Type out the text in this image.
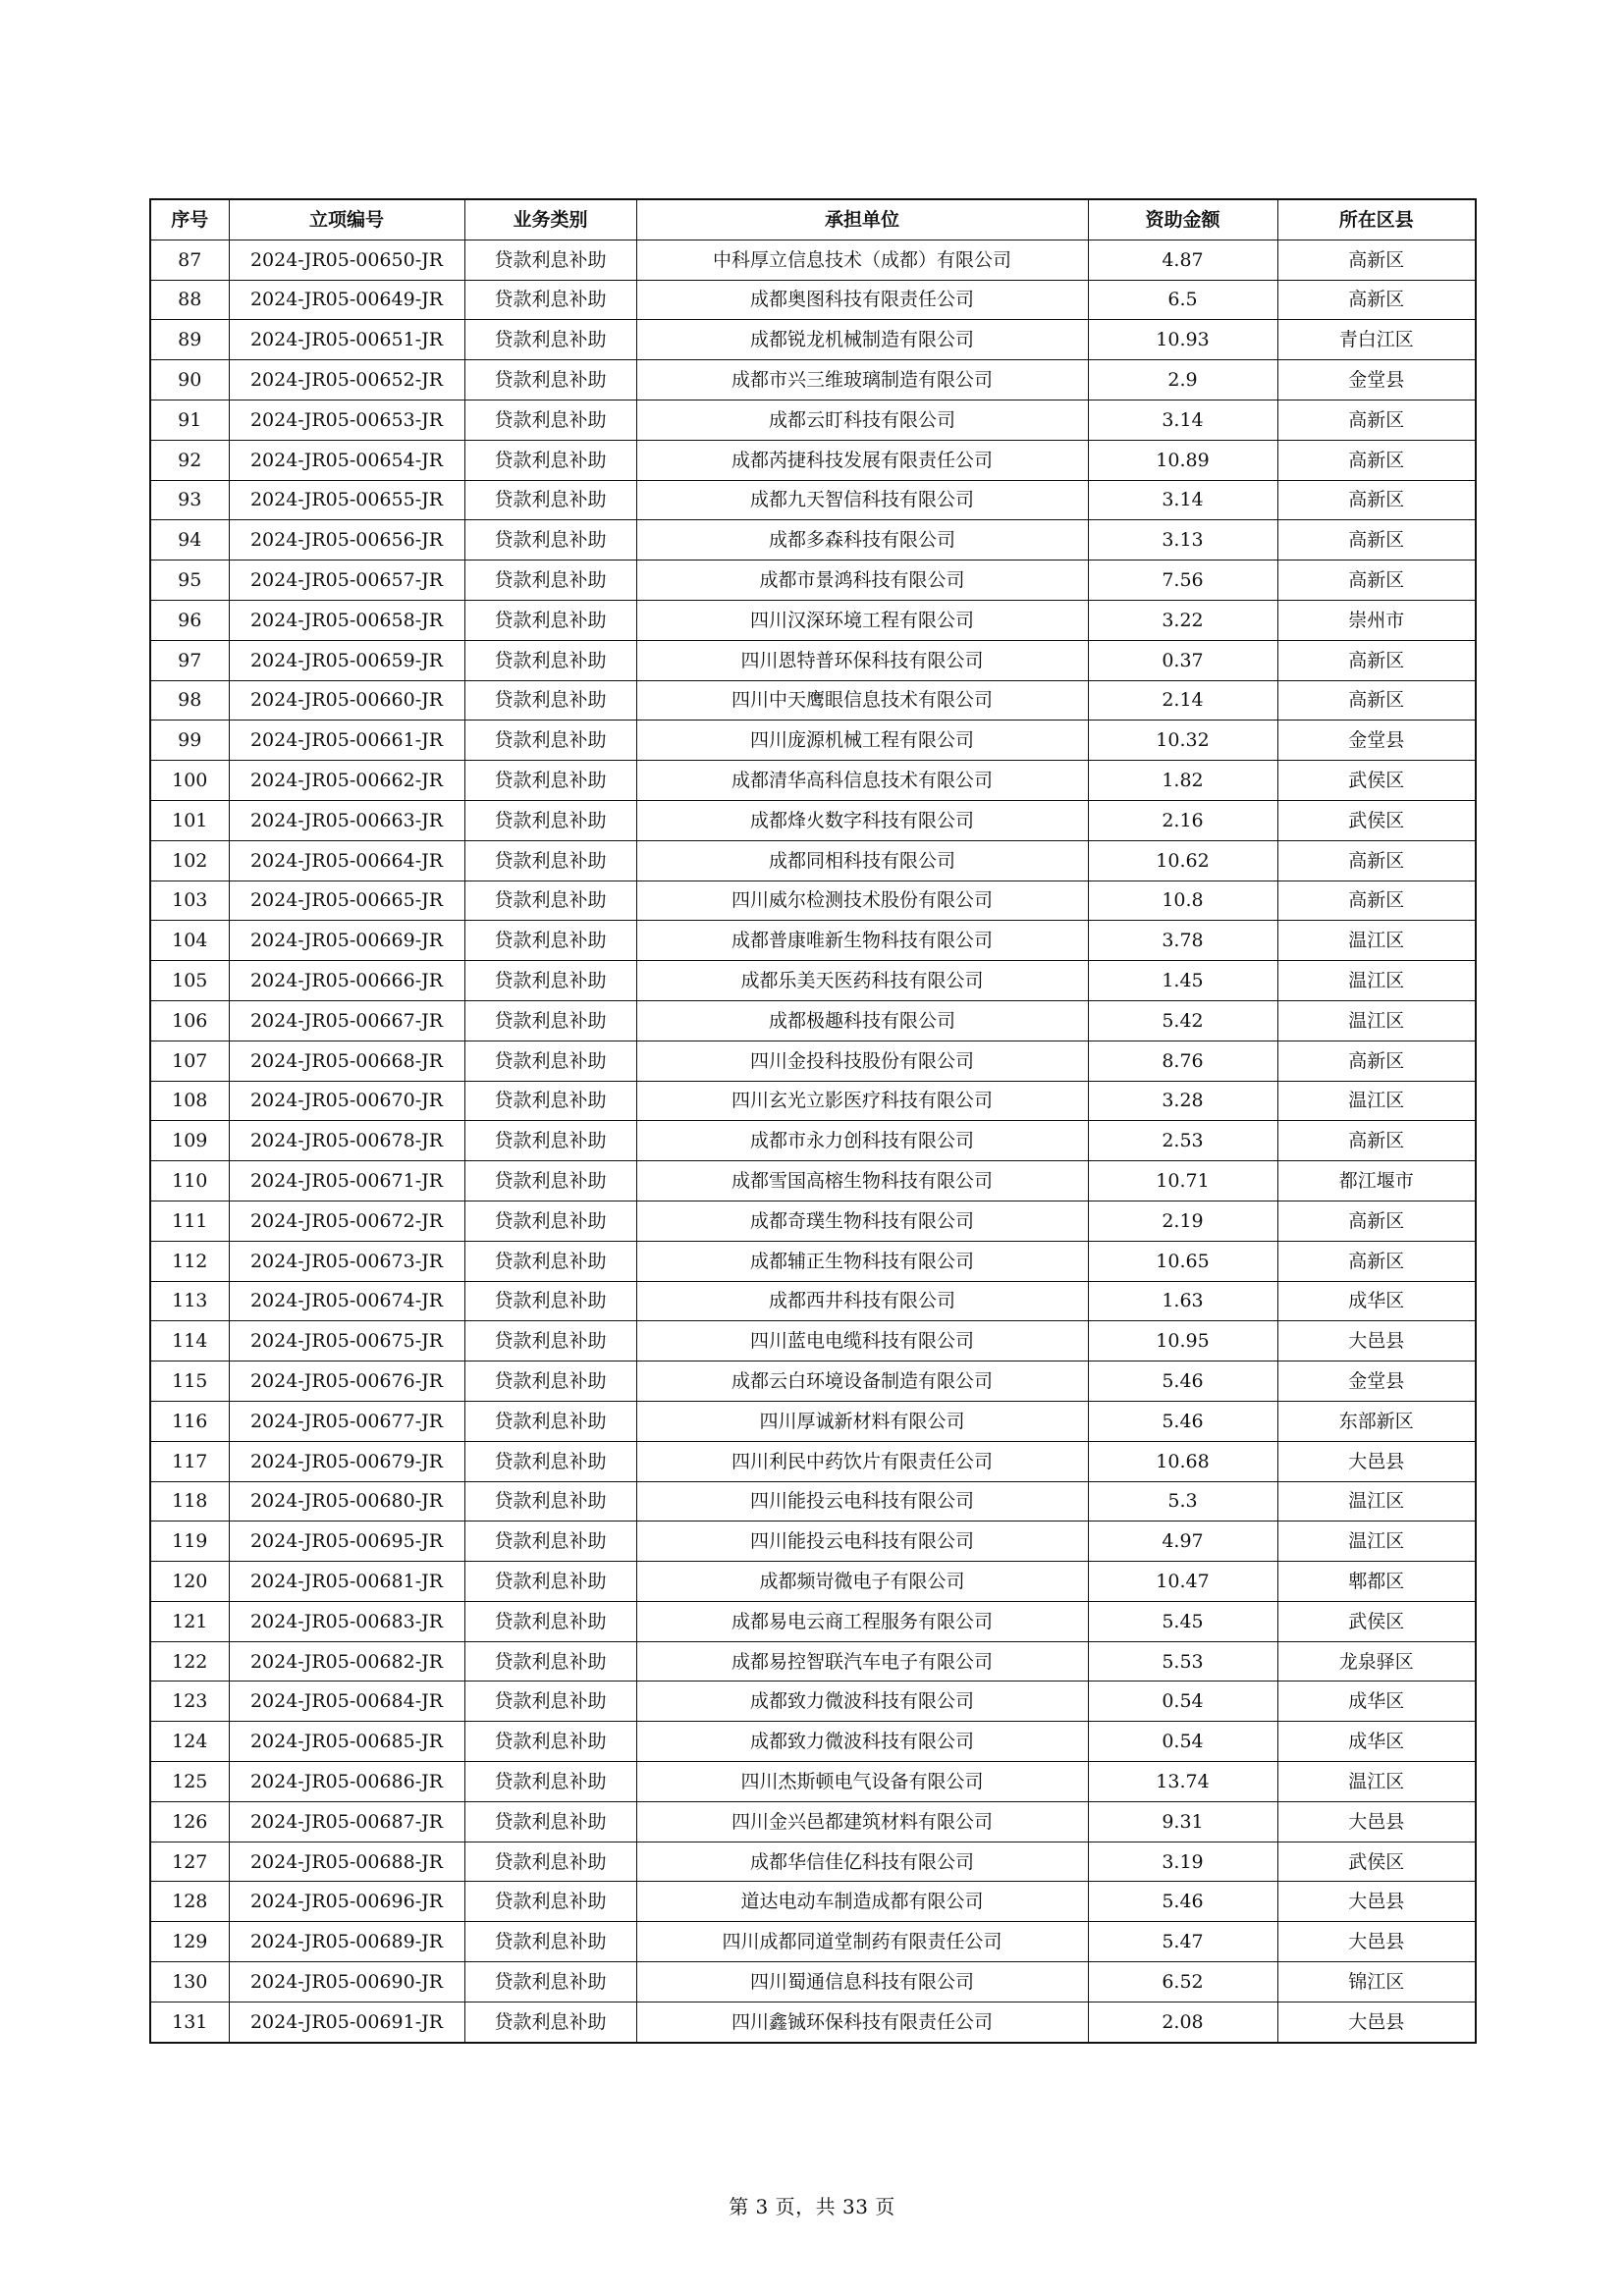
序号	立项编号	业务类别	承担单位	资助金额	所在区县
87	2024-JR05-00650-JR	贷款利息补助	中科厚立信息技术（成都）有限公司	4.87	高新区
88	2024-JR05-00649-JR	贷款利息补助	成都奥图科技有限责任公司	6.5	高新区
89	2024-JR05-00651-JR	贷款利息补助	成都锐龙机械制造有限公司	10.93	青白江区
90	2024-JR05-00652-JR	贷款利息补助	成都市兴三维玻璃制造有限公司	2.9	金堂县
91	2024-JR05-00653-JR	贷款利息补助	成都云盯科技有限公司	3.14	高新区
92	2024-JR05-00654-JR	贷款利息补助	成都芮捷科技发展有限责任公司	10.89	高新区
93	2024-JR05-00655-JR	贷款利息补助	成都九天智信科技有限公司	3.14	高新区
94	2024-JR05-00656-JR	贷款利息补助	成都多森科技有限公司	3.13	高新区
95	2024-JR05-00657-JR	贷款利息补助	成都市景鸿科技有限公司	7.56	高新区
96	2024-JR05-00658-JR	贷款利息补助	四川汉深环境工程有限公司	3.22	崇州市
97	2024-JR05-00659-JR	贷款利息补助	四川恩特普环保科技有限公司	0.37	高新区
98	2024-JR05-00660-JR	贷款利息补助	四川中天鹰眼信息技术有限公司	2.14	高新区
99	2024-JR05-00661-JR	贷款利息补助	四川庞源机械工程有限公司	10.32	金堂县
100	2024-JR05-00662-JR	贷款利息补助	成都清华高科信息技术有限公司	1.82	武侯区
101	2024-JR05-00663-JR	贷款利息补助	成都烽火数字科技有限公司	2.16	武侯区
102	2024-JR05-00664-JR	贷款利息补助	成都同相科技有限公司	10.62	高新区
103	2024-JR05-00665-JR	贷款利息补助	四川威尔检测技术股份有限公司	10.8	高新区
104	2024-JR05-00669-JR	贷款利息补助	成都普康唯新生物科技有限公司	3.78	温江区
105	2024-JR05-00666-JR	贷款利息补助	成都乐美天医药科技有限公司	1.45	温江区
106	2024-JR05-00667-JR	贷款利息补助	成都极趣科技有限公司	5.42	温江区
107	2024-JR05-00668-JR	贷款利息补助	四川金投科技股份有限公司	8.76	高新区
108	2024-JR05-00670-JR	贷款利息补助	四川玄光立影医疗科技有限公司	3.28	温江区
109	2024-JR05-00678-JR	贷款利息补助	成都市永力创科技有限公司	2.53	高新区
110	2024-JR05-00671-JR	贷款利息补助	成都雪国高榕生物科技有限公司	10.71	都江堰市
111	2024-JR05-00672-JR	贷款利息补助	成都奇璞生物科技有限公司	2.19	高新区
112	2024-JR05-00673-JR	贷款利息补助	成都辅正生物科技有限公司	10.65	高新区
113	2024-JR05-00674-JR	贷款利息补助	成都西井科技有限公司	1.63	成华区
114	2024-JR05-00675-JR	贷款利息补助	四川蓝电电缆科技有限公司	10.95	大邑县
115	2024-JR05-00676-JR	贷款利息补助	成都云白环境设备制造有限公司	5.46	金堂县
116	2024-JR05-00677-JR	贷款利息补助	四川厚诚新材料有限公司	5.46	东部新区
117	2024-JR05-00679-JR	贷款利息补助	四川利民中药饮片有限责任公司	10.68	大邑县
118	2024-JR05-00680-JR	贷款利息补助	四川能投云电科技有限公司	5.3	温江区
119	2024-JR05-00695-JR	贷款利息补助	四川能投云电科技有限公司	4.97	温江区
120	2024-JR05-00681-JR	贷款利息补助	成都频岢微电子有限公司	10.47	郫都区
121	2024-JR05-00683-JR	贷款利息补助	成都易电云商工程服务有限公司	5.45	武侯区
122	2024-JR05-00682-JR	贷款利息补助	成都易控智联汽车电子有限公司	5.53	龙泉驿区
123	2024-JR05-00684-JR	贷款利息补助	成都致力微波科技有限公司	0.54	成华区
124	2024-JR05-00685-JR	贷款利息补助	成都致力微波科技有限公司	0.54	成华区
125	2024-JR05-00686-JR	贷款利息补助	四川杰斯顿电气设备有限公司	13.74	温江区
126	2024-JR05-00687-JR	贷款利息补助	四川金兴邑都建筑材料有限公司	9.31	大邑县
127	2024-JR05-00688-JR	贷款利息补助	成都华信佳亿科技有限公司	3.19	武侯区
128	2024-JR05-00696-JR	贷款利息补助	道达电动车制造成都有限公司	5.46	大邑县
129	2024-JR05-00689-JR	贷款利息补助	四川成都同道堂制药有限责任公司	5.47	大邑县
130	2024-JR05-00690-JR	贷款利息补助	四川蜀通信息科技有限公司	6.52	锦江区
131	2024-JR05-00691-JR	贷款利息补助	四川鑫铖环保科技有限责任公司	2.08	大邑县
第 3 页，共 33 页
